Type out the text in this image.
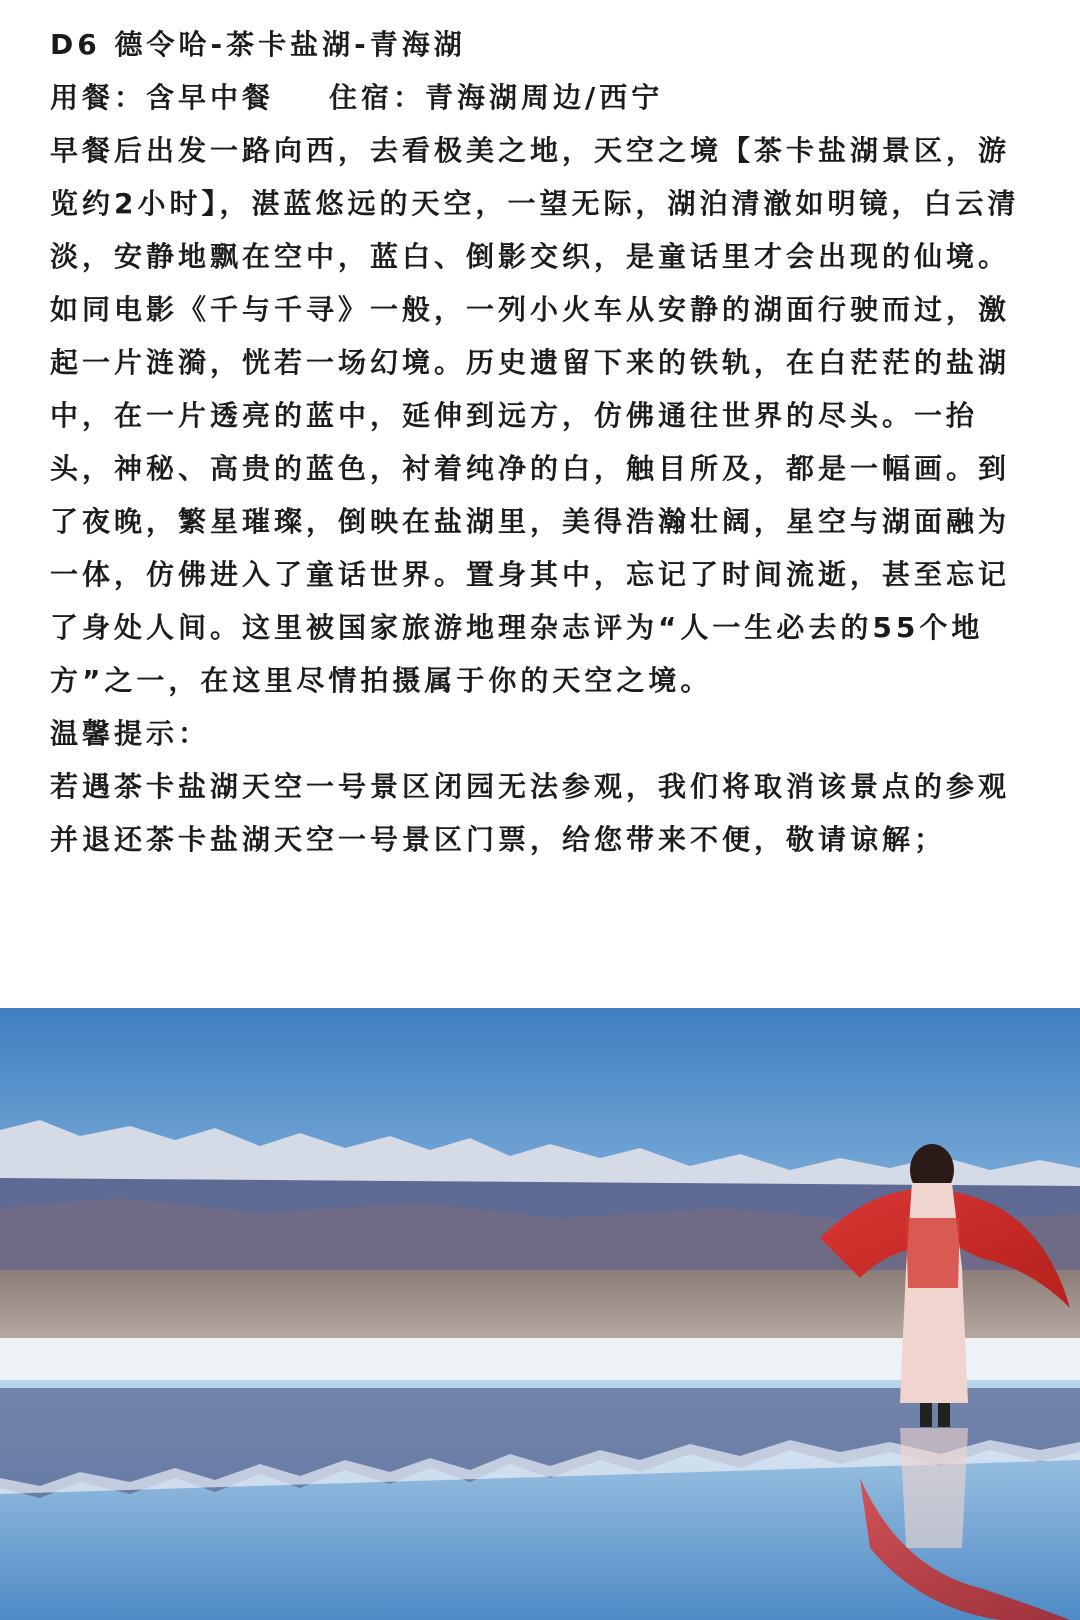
D6 德令哈-茶卡盐湖-青海湖

用餐：含早中餐 住宿：青海湖周边/西宁

早餐后出发一路向西，去看极美之地，天空之境【茶卡盐湖景区，游览约2小时】，湛蓝悠远的天空，一望无际，湖泊清澈如明镜，白云清淡，安静地飘在空中，蓝白、倒影交织，是童话里才会出现的仙境。如同电影《千与千寻》一般，一列小火车从安静的湖面行驶而过，激起一片涟漪，恍若一场幻境。历史遗留下来的铁轨，在白茫茫的盐湖中，在一片透亮的蓝中，延伸到远方，仿佛通往世界的尽头。一抬头，神秘、高贵的蓝色，衬着纯净的白，触目所及，都是一幅画。到了夜晚，繁星璀璨，倒映在盐湖里，美得浩瀚壮阔，星空与湖面融为一体，仿佛进入了童话世界。置身其中，忘记了时间流逝，甚至忘记了身处人间。这里被国家旅游地理杂志评为“人一生必去的55个地方”之一，在这里尽情拍摄属于你的天空之境。

温馨提示：

若遇茶卡盐湖天空一号景区闭园无法参观，我们将取消该景点的参观并退还茶卡盐湖天空一号景区门票，给您带来不便，敬请谅解；
